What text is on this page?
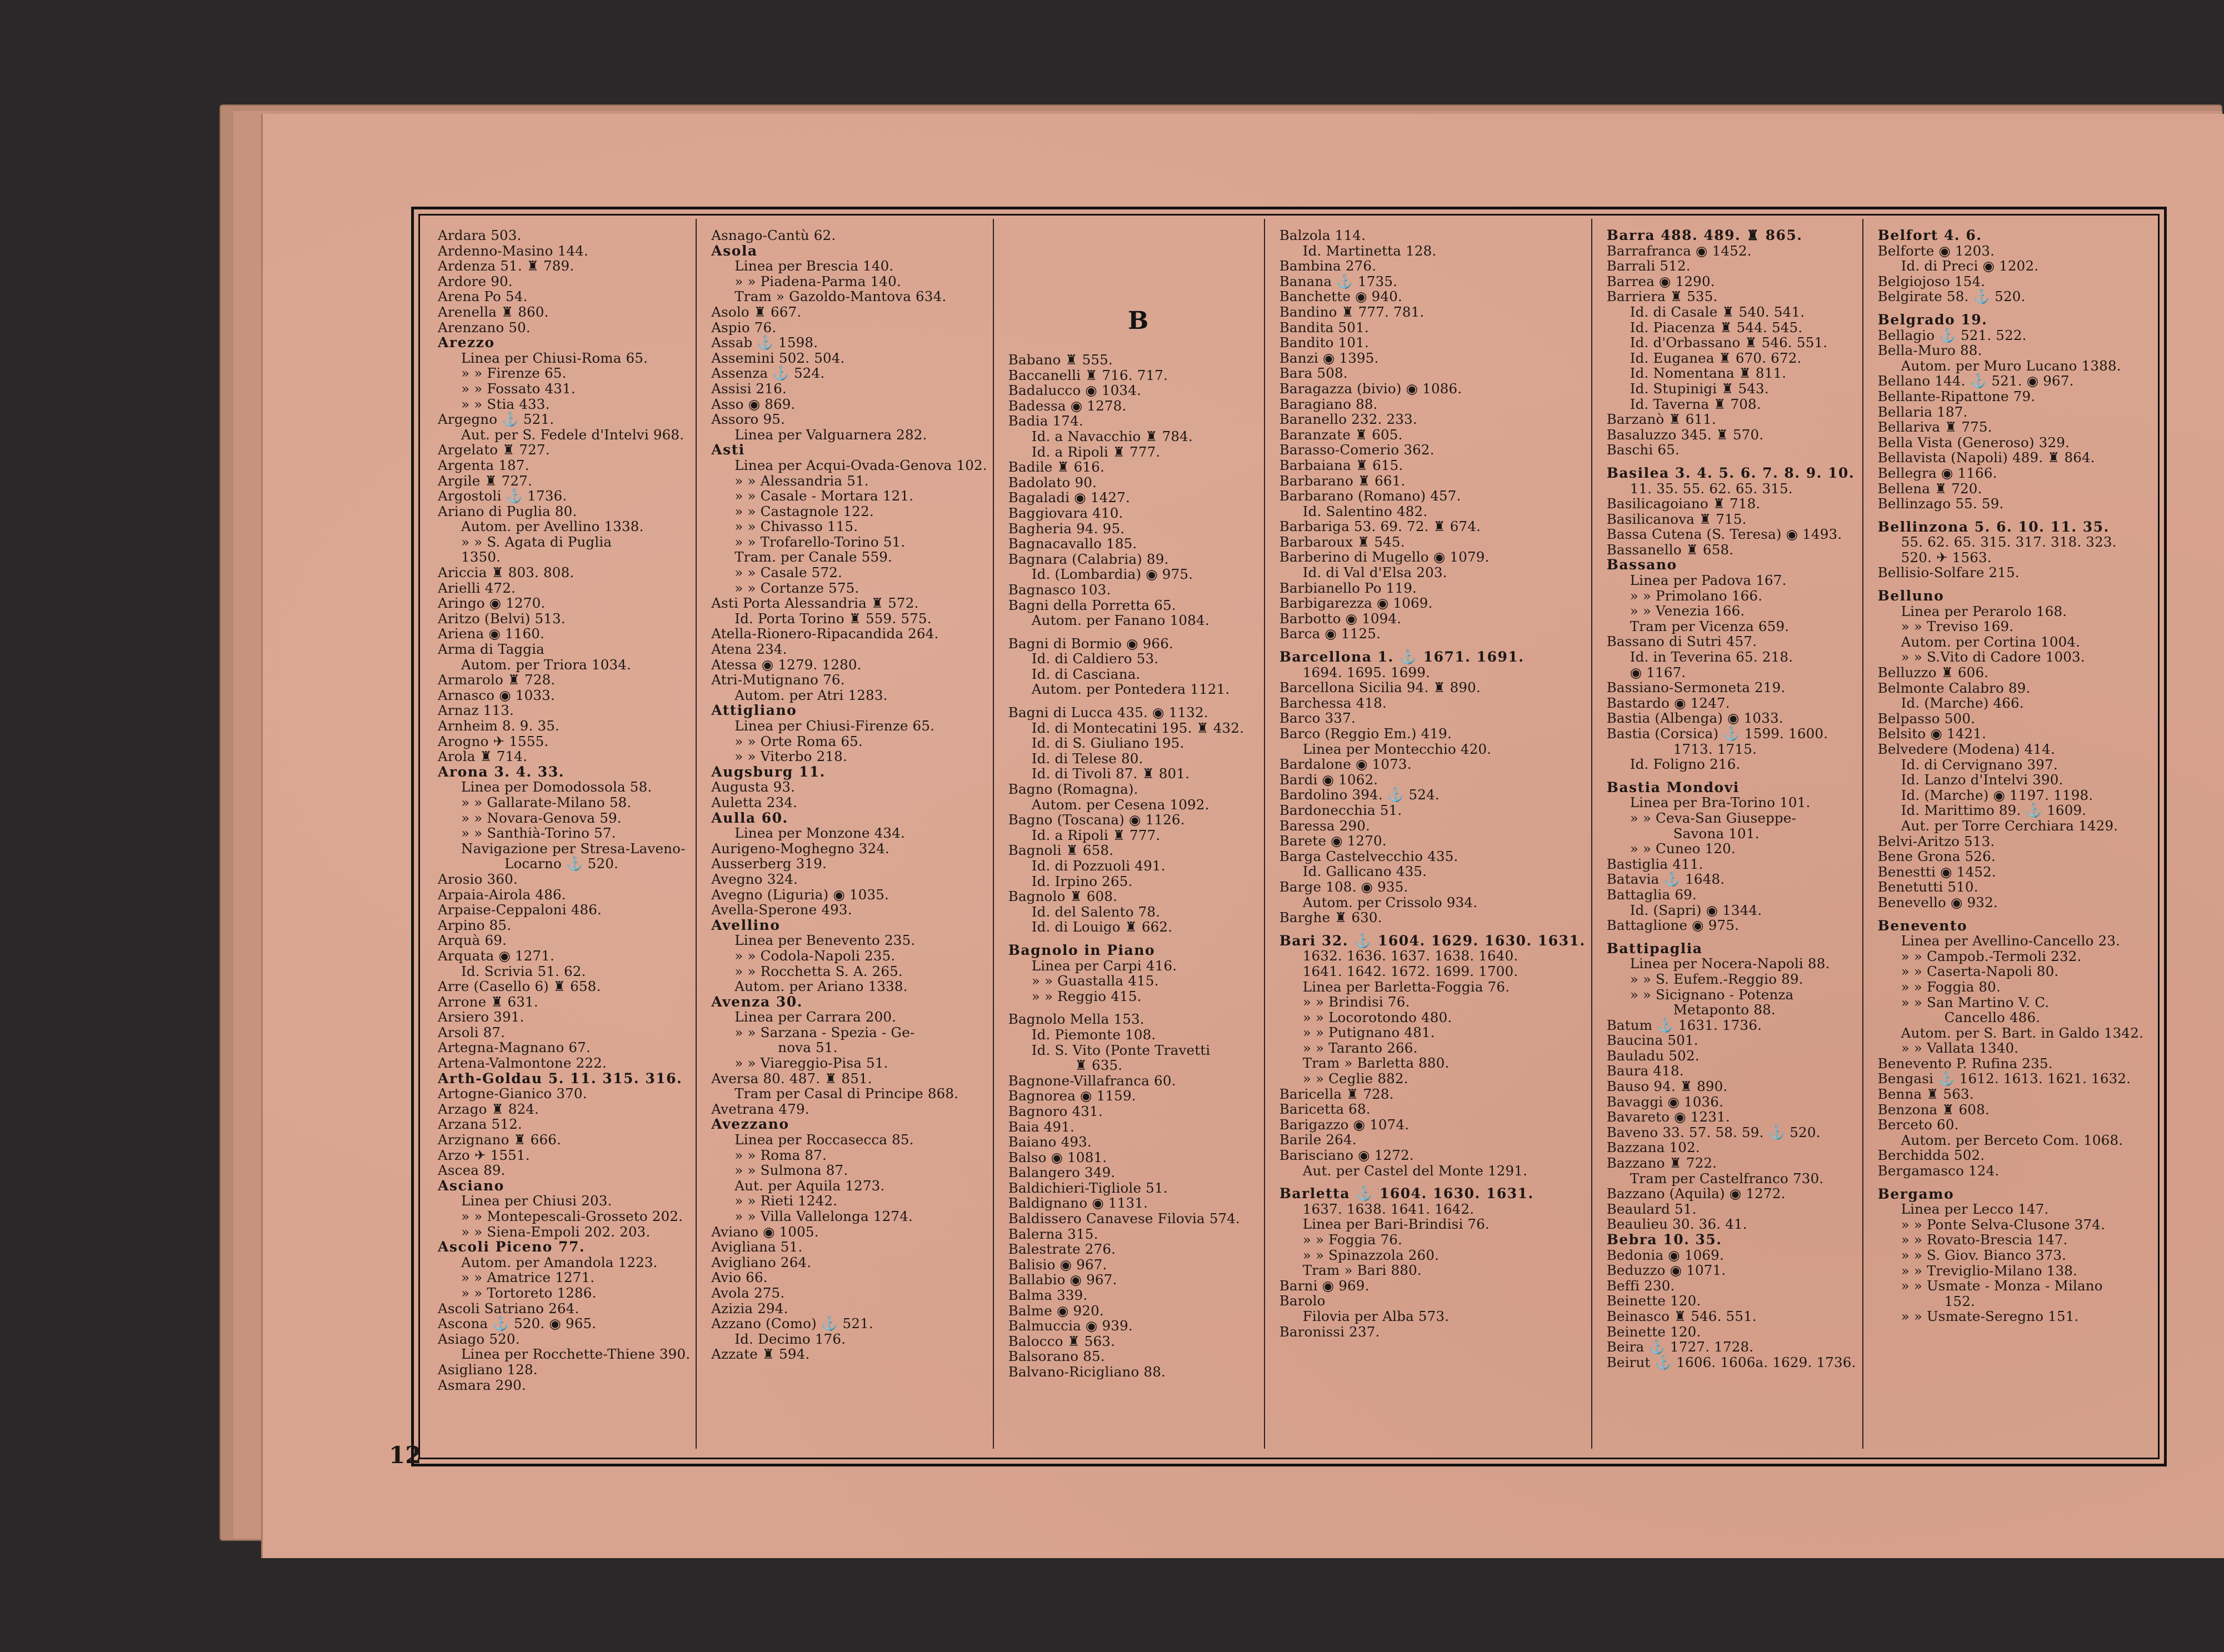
Ardara 503.
Ardenno-Masino 144.
Ardenza 51. ♜ 789.
Ardore 90.
Arena Po 54.
Arenella ♜ 860.
Arenzano 50.
Arezzo
Linea per Chiusi-Roma 65.
» » Firenze 65.
» » Fossato 431.
» » Stia 433.
Argegno ⚓ 521.
Aut. per S. Fedele d'Intelvi 968.
Argelato ♜ 727.
Argenta 187.
Argile ♜ 727.
Argostoli ⚓ 1736.
Ariano di Puglia 80.
Autom. per Avellino 1338.
» » S. Agata di Puglia
1350.
Ariccia ♜ 803. 808.
Arielli 472.
Aringo ◉ 1270.
Aritzo (Belvi) 513.
Ariena ◉ 1160.
Arma di Taggia
Autom. per Triora 1034.
Armarolo ♜ 728.
Arnasco ◉ 1033.
Arnaz 113.
Arnheim 8. 9. 35.
Arogno ✈ 1555.
Arola ♜ 714.
Arona 3. 4. 33.
Linea per Domodossola 58.
» » Gallarate-Milano 58.
» » Novara-Genova 59.
» » Santhià-Torino 57.
Navigazione per Stresa-Laveno-
Locarno ⚓ 520.
Arosio 360.
Arpaia-Airola 486.
Arpaise-Ceppaloni 486.
Arpino 85.
Arquà 69.
Arquata ◉ 1271.
Id. Scrivia 51. 62.
Arre (Casello 6) ♜ 658.
Arrone ♜ 631.
Arsiero 391.
Arsoli 87.
Artegna-Magnano 67.
Artena-Valmontone 222.
Arth-Goldau 5. 11. 315. 316.
Artogne-Gianico 370.
Arzago ♜ 824.
Arzana 512.
Arzignano ♜ 666.
Arzo ✈ 1551.
Ascea 89.
Asciano
Linea per Chiusi 203.
» » Montepescali-Grosseto 202.
» » Siena-Empoli 202. 203.
Ascoli Piceno 77.
Autom. per Amandola 1223.
» » Amatrice 1271.
» » Tortoreto 1286.
Ascoli Satriano 264.
Ascona ⚓ 520. ◉ 965.
Asiago 520.
Linea per Rocchette-Thiene 390.
Asigliano 128.
Asmara 290.
Asnago-Cantù 62.
Asola
Linea per Brescia 140.
» » Piadena-Parma 140.
Tram » Gazoldo-Mantova 634.
Asolo ♜ 667.
Aspio 76.
Assab ⚓ 1598.
Assemini 502. 504.
Assenza ⚓ 524.
Assisi 216.
Asso ◉ 869.
Assoro 95.
Linea per Valguarnera 282.
Asti
Linea per Acqui-Ovada-Genova 102.
» » Alessandria 51.
» » Casale - Mortara 121.
» » Castagnole 122.
» » Chivasso 115.
» » Trofarello-Torino 51.
Tram. per Canale 559.
» » Casale 572.
» » Cortanze 575.
Asti Porta Alessandria ♜ 572.
Id. Porta Torino ♜ 559. 575.
Atella-Rionero-Ripacandida 264.
Atena 234.
Atessa ◉ 1279. 1280.
Atri-Mutignano 76.
Autom. per Atri 1283.
Attigliano
Linea per Chiusi-Firenze 65.
» » Orte Roma 65.
» » Viterbo 218.
Augsburg 11.
Augusta 93.
Auletta 234.
Aulla 60.
Linea per Monzone 434.
Aurigeno-Moghegno 324.
Ausserberg 319.
Avegno 324.
Avegno (Liguria) ◉ 1035.
Avella-Sperone 493.
Avellino
Linea per Benevento 235.
» » Codola-Napoli 235.
» » Rocchetta S. A. 265.
Autom. per Ariano 1338.
Avenza 30.
Linea per Carrara 200.
» » Sarzana - Spezia - Ge-
nova 51.
» » Viareggio-Pisa 51.
Aversa 80. 487. ♜ 851.
Tram per Casal di Principe 868.
Avetrana 479.
Avezzano
Linea per Roccasecca 85.
» » Roma 87.
» » Sulmona 87.
Aut. per Aquila 1273.
» » Rieti 1242.
» » Villa Vallelonga 1274.
Aviano ◉ 1005.
Avigliana 51.
Avigliano 264.
Avio 66.
Avola 275.
Azizia 294.
Azzano (Como) ⚓ 521.
Id. Decimo 176.
Azzate ♜ 594.
Babano ♜ 555.
Baccanelli ♜ 716. 717.
Badalucco ◉ 1034.
Badessa ◉ 1278.
Badia 174.
Id. a Navacchio ♜ 784.
Id. a Ripoli ♜ 777.
Badile ♜ 616.
Badolato 90.
Bagaladi ◉ 1427.
Baggiovara 410.
Bagheria 94. 95.
Bagnacavallo 185.
Bagnara (Calabria) 89.
Id. (Lombardia) ◉ 975.
Bagnasco 103.
Bagni della Porretta 65.
Autom. per Fanano 1084.
Bagni di Bormio ◉ 966.
Id. di Caldiero 53.
Id. di Casciana.
Autom. per Pontedera 1121.
Bagni di Lucca 435. ◉ 1132.
Id. di Montecatini 195. ♜ 432.
Id. di S. Giuliano 195.
Id. di Telese 80.
Id. di Tivoli 87. ♜ 801.
Bagno (Romagna).
Autom. per Cesena 1092.
Bagno (Toscana) ◉ 1126.
Id. a Ripoli ♜ 777.
Bagnoli ♜ 658.
Id. di Pozzuoli 491.
Id. Irpino 265.
Bagnolo ♜ 608.
Id. del Salento 78.
Id. di Louigo ♜ 662.
Bagnolo in Piano
Linea per Carpi 416.
» » Guastalla 415.
» » Reggio 415.
Bagnolo Mella 153.
Id. Piemonte 108.
Id. S. Vito (Ponte Travetti
♜ 635.
Bagnone-Villafranca 60.
Bagnorea ◉ 1159.
Bagnoro 431.
Baia 491.
Baiano 493.
Balso ◉ 1081.
Balangero 349.
Baldichieri-Tigliole 51.
Baldignano ◉ 1131.
Baldissero Canavese Filovia 574.
Balerna 315.
Balestrate 276.
Balisio ◉ 967.
Ballabio ◉ 967.
Balma 339.
Balme ◉ 920.
Balmuccia ◉ 939.
Balocco ♜ 563.
Balsorano 85.
Balvano-Ricigliano 88.
Balzola 114.
Id. Martinetta 128.
Bambina 276.
Banana ⚓ 1735.
Banchette ◉ 940.
Bandino ♜ 777. 781.
Bandita 501.
Bandito 101.
Banzi ◉ 1395.
Bara 508.
Baragazza (bivio) ◉ 1086.
Baragiano 88.
Baranello 232. 233.
Baranzate ♜ 605.
Barasso-Comerio 362.
Barbaiana ♜ 615.
Barbarano ♜ 661.
Barbarano (Romano) 457.
Id. Salentino 482.
Barbariga 53. 69. 72. ♜ 674.
Barbaroux ♜ 545.
Barberino di Mugello ◉ 1079.
Id. di Val d'Elsa 203.
Barbianello Po 119.
Barbigarezza ◉ 1069.
Barbotto ◉ 1094.
Barca ◉ 1125.
Barcellona 1. ⚓ 1671. 1691.
1694. 1695. 1699.
Barcellona Sicilia 94. ♜ 890.
Barchessa 418.
Barco 337.
Barco (Reggio Em.) 419.
Linea per Montecchio 420.
Bardalone ◉ 1073.
Bardi ◉ 1062.
Bardolino 394. ⚓ 524.
Bardonecchia 51.
Baressa 290.
Barete ◉ 1270.
Barga Castelvecchio 435.
Id. Gallicano 435.
Barge 108. ◉ 935.
Autom. per Crissolo 934.
Barghe ♜ 630.
Bari 32. ⚓ 1604. 1629. 1630. 1631.
1632. 1636. 1637. 1638. 1640.
1641. 1642. 1672. 1699. 1700.
Linea per Barletta-Foggia 76.
» » Brindisi 76.
» » Locorotondo 480.
» » Putignano 481.
» » Taranto 266.
Tram » Barletta 880.
» » Ceglie 882.
Baricella ♜ 728.
Baricetta 68.
Barigazzo ◉ 1074.
Barile 264.
Barisciano ◉ 1272.
Aut. per Castel del Monte 1291.
Barletta ⚓ 1604. 1630. 1631.
1637. 1638. 1641. 1642.
Linea per Bari-Brindisi 76.
» » Foggia 76.
» » Spinazzola 260.
Tram » Bari 880.
Barni ◉ 969.
Barolo
Filovia per Alba 573.
Baronissi 237.
Barra 488. 489. ♜ 865.
Barrafranca ◉ 1452.
Barrali 512.
Barrea ◉ 1290.
Barriera ♜ 535.
Id. di Casale ♜ 540. 541.
Id. Piacenza ♜ 544. 545.
Id. d'Orbassano ♜ 546. 551.
Id. Euganea ♜ 670. 672.
Id. Nomentana ♜ 811.
Id. Stupinigi ♜ 543.
Id. Taverna ♜ 708.
Barzanò ♜ 611.
Basaluzzo 345. ♜ 570.
Baschi 65.
Basilea 3. 4. 5. 6. 7. 8. 9. 10.
11. 35. 55. 62. 65. 315.
Basilicagoiano ♜ 718.
Basilicanova ♜ 715.
Bassa Cutena (S. Teresa) ◉ 1493.
Bassanello ♜ 658.
Bassano
Linea per Padova 167.
» » Primolano 166.
» » Venezia 166.
Tram per Vicenza 659.
Bassano di Sutri 457.
Id. in Teverina 65. 218.
◉ 1167.
Bassiano-Sermoneta 219.
Bastardo ◉ 1247.
Bastia (Albenga) ◉ 1033.
Bastia (Corsica) ⚓ 1599. 1600.
1713. 1715.
Id. Foligno 216.
Bastia Mondovi
Linea per Bra-Torino 101.
» » Ceva-San Giuseppe-
Savona 101.
» » Cuneo 120.
Bastiglia 411.
Batavia ⚓ 1648.
Battaglia 69.
Id. (Sapri) ◉ 1344.
Battaglione ◉ 975.
Battipaglia
Linea per Nocera-Napoli 88.
» » S. Eufem.-Reggio 89.
» » Sicignano - Potenza
Metaponto 88.
Batum ⚓ 1631. 1736.
Baucina 501.
Bauladu 502.
Baura 418.
Bauso 94. ♜ 890.
Bavaggi ◉ 1036.
Bavareto ◉ 1231.
Baveno 33. 57. 58. 59. ⚓ 520.
Bazzana 102.
Bazzano ♜ 722.
Tram per Castelfranco 730.
Bazzano (Aquila) ◉ 1272.
Beaulard 51.
Beaulieu 30. 36. 41.
Bebra 10. 35.
Bedonia ◉ 1069.
Beduzzo ◉ 1071.
Beffi 230.
Beinette 120.
Beinasco ♜ 546. 551.
Beinette 120.
Beira ⚓ 1727. 1728.
Beirut ⚓ 1606. 1606a. 1629. 1736.
Belfort 4. 6.
Belforte ◉ 1203.
Id. di Preci ◉ 1202.
Belgiojoso 154.
Belgirate 58. ⚓ 520.
Belgrado 19.
Bellagio ⚓ 521. 522.
Bella-Muro 88.
Autom. per Muro Lucano 1388.
Bellano 144. ⚓ 521. ◉ 967.
Bellante-Ripattone 79.
Bellaria 187.
Bellariva ♜ 775.
Bella Vista (Generoso) 329.
Bellavista (Napoli) 489. ♜ 864.
Bellegra ◉ 1166.
Bellena ♜ 720.
Bellinzago 55. 59.
Bellinzona 5. 6. 10. 11. 35.
55. 62. 65. 315. 317. 318. 323.
520. ✈ 1563.
Bellisio-Solfare 215.
Belluno
Linea per Perarolo 168.
» » Treviso 169.
Autom. per Cortina 1004.
» » S.Vito di Cadore 1003.
Belluzzo ♜ 606.
Belmonte Calabro 89.
Id. (Marche) 466.
Belpasso 500.
Belsito ◉ 1421.
Belvedere (Modena) 414.
Id. di Cervignano 397.
Id. Lanzo d'Intelvi 390.
Id. (Marche) ◉ 1197. 1198.
Id. Marittimo 89. ⚓ 1609.
Aut. per Torre Cerchiara 1429.
Belvi-Aritzo 513.
Bene Grona 526.
Benestti ◉ 1452.
Benetutti 510.
Benevello ◉ 932.
Benevento
Linea per Avellino-Cancello 23.
» » Campob.-Termoli 232.
» » Caserta-Napoli 80.
» » Foggia 80.
» » San Martino V. C.
Cancello 486.
Autom. per S. Bart. in Galdo 1342.
» » Vallata 1340.
Benevento P. Rufina 235.
Bengasi ⚓ 1612. 1613. 1621. 1632.
Benna ♜ 563.
Benzona ♜ 608.
Berceto 60.
Autom. per Berceto Com. 1068.
Berchidda 502.
Bergamasco 124.
Bergamo
Linea per Lecco 147.
» » Ponte Selva-Clusone 374.
» » Rovato-Brescia 147.
» » S. Giov. Bianco 373.
» » Treviglio-Milano 138.
» » Usmate - Monza - Milano
152.
» » Usmate-Seregno 151.
B
12
